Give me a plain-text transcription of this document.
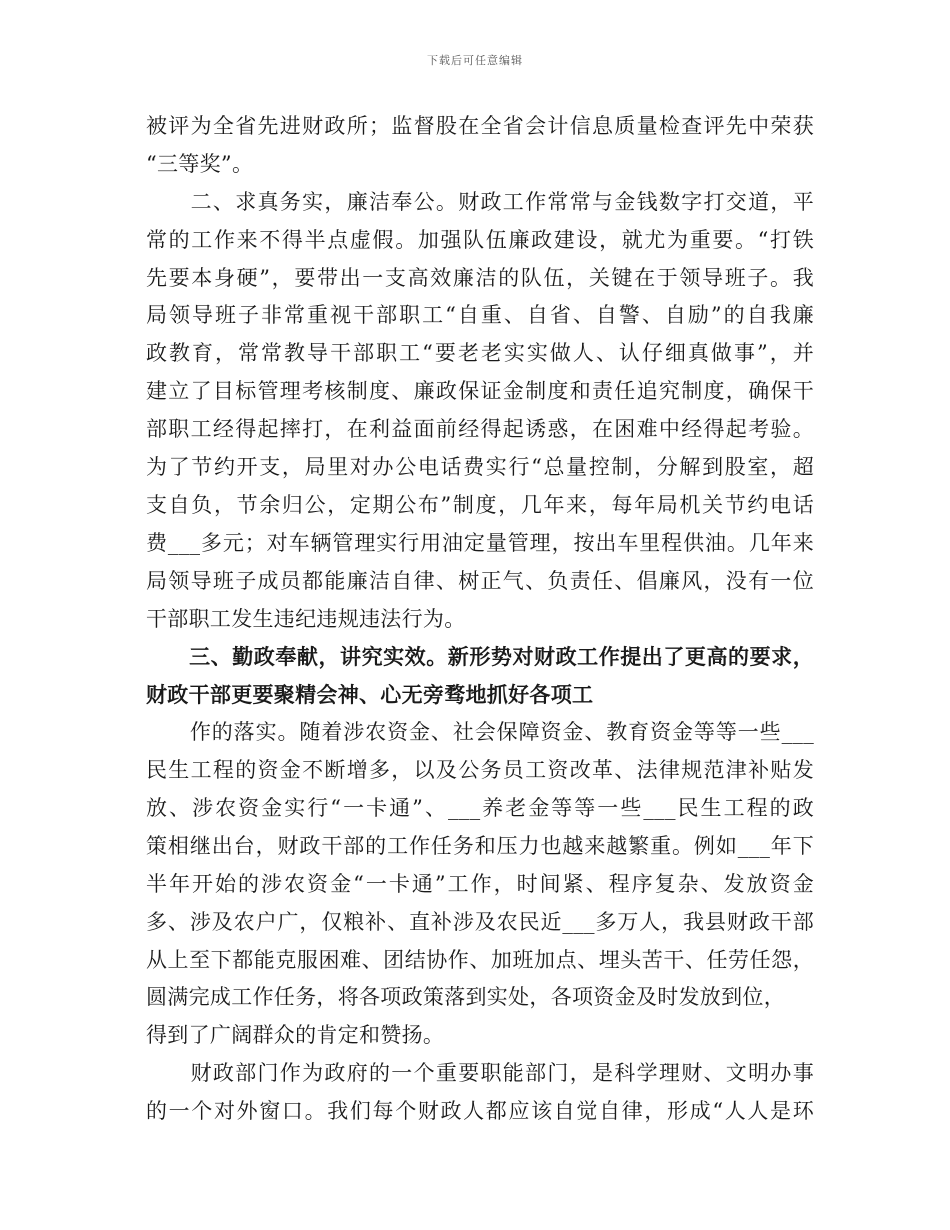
下载后可任意编辑
被评为全省先进财政所；监督股在全省会计信息质量检查评先中荣获
“三等奖”。
　　二、求真务实，廉洁奉公。财政工作常常与金钱数字打交道，平
常的工作来不得半点虚假。加强队伍廉政建设，就尤为重要。“打铁
先要本身硬”，要带出一支高效廉洁的队伍，关键在于领导班子。我
局领导班子非常重视干部职工“自重、自省、自警、自励”的自我廉
政教育，常常教导干部职工“要老老实实做人、认仔细真做事”，并
建立了目标管理考核制度、廉政保证金制度和责任追究制度，确保干
部职工经得起摔打，在利益面前经得起诱惑，在困难中经得起考验。
为了节约开支，局里对办公电话费实行“总量控制，分解到股室，超
支自负，节余归公，定期公布”制度，几年来，每年局机关节约电话
费___多元；对车辆管理实行用油定量管理，按出车里程供油。几年来
局领导班子成员都能廉洁自律、树正气、负责任、倡廉风，没有一位
干部职工发生违纪违规违法行为。
　　三、勤政奉献，讲究实效。新形势对财政工作提出了更高的要求，
财政干部更要聚精会神、心无旁骛地抓好各项工
　　作的落实。随着涉农资金、社会保障资金、教育资金等等一些___
民生工程的资金不断增多，以及公务员工资改革、法律规范津补贴发
放、涉农资金实行“一卡通”、___养老金等等一些___民生工程的政
策相继出台，财政干部的工作任务和压力也越来越繁重。例如___年下
半年开始的涉农资金“一卡通”工作，时间紧、程序复杂、发放资金
多、涉及农户广，仅粮补、直补涉及农民近___多万人，我县财政干部
从上至下都能克服困难、团结协作、加班加点、埋头苦干、任劳任怨，
圆满完成工作任务，将各项政策落到实处，各项资金及时发放到位，
得到了广阔群众的肯定和赞扬。
　　财政部门作为政府的一个重要职能部门，是科学理财、文明办事
的一个对外窗口。我们每个财政人都应该自觉自律，形成“人人是环
